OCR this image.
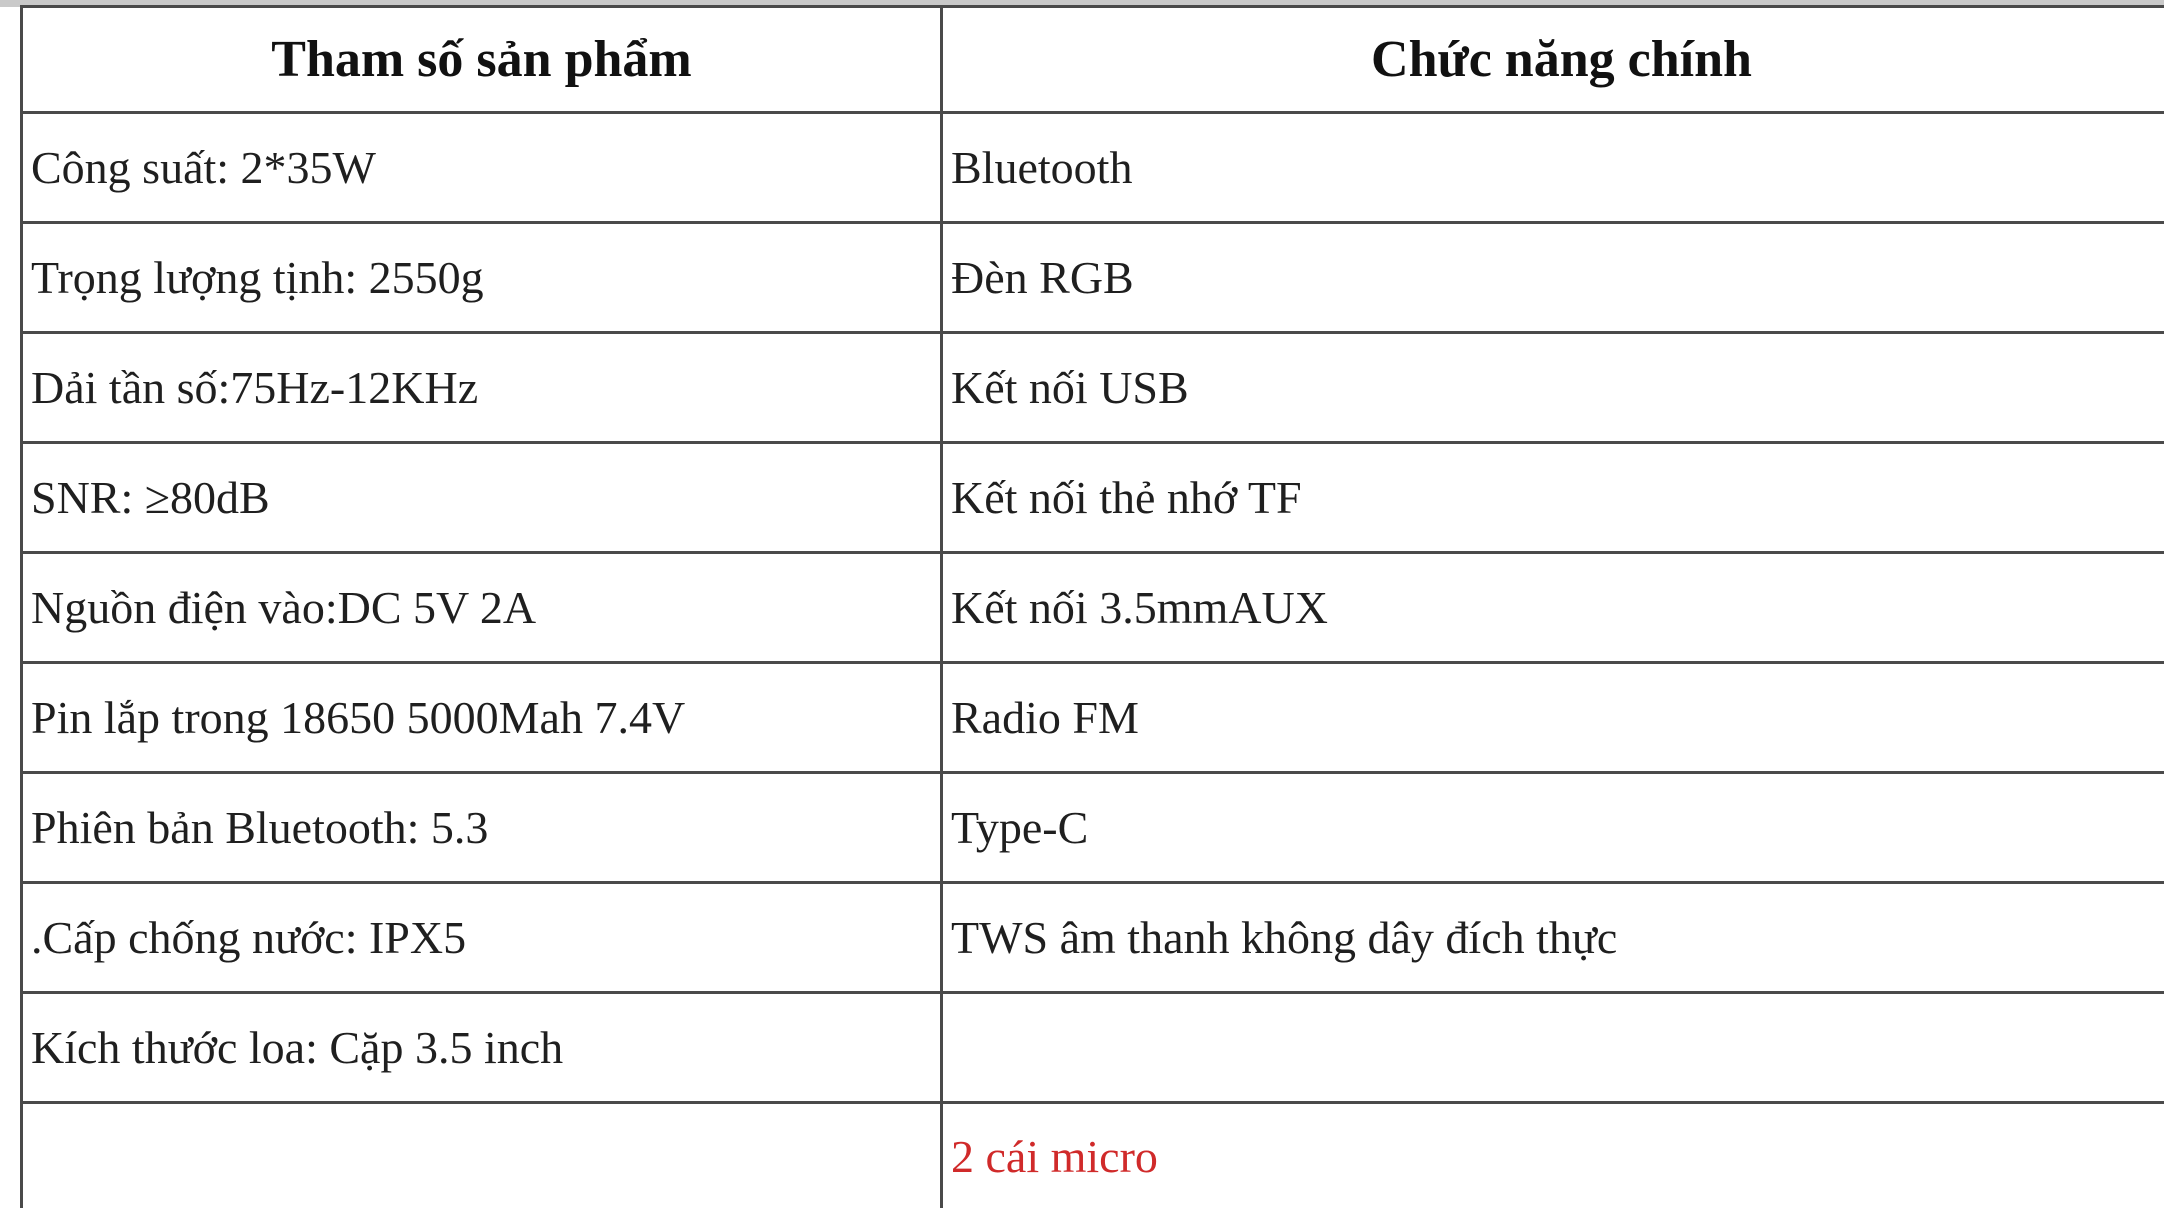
Tham số sản phẩm	Chức năng chính
Công suất: 2*35W	Bluetooth
Trọng lượng tịnh: 2550g	Đèn RGB
Dải tần số:75Hz-12KHz	Kết nối USB
SNR: ≥80dB	Kết nối thẻ nhớ TF
Nguồn điện vào:DC 5V 2A	Kết nối 3.5mmAUX
Pin lắp trong 18650 5000Mah 7.4V	Radio FM
Phiên bản Bluetooth: 5.3	Type-C
.Cấp chống nước: IPX5	TWS âm thanh không dây đích thực
Kích thước loa: Cặp 3.5 inch	
	2 cái micro
